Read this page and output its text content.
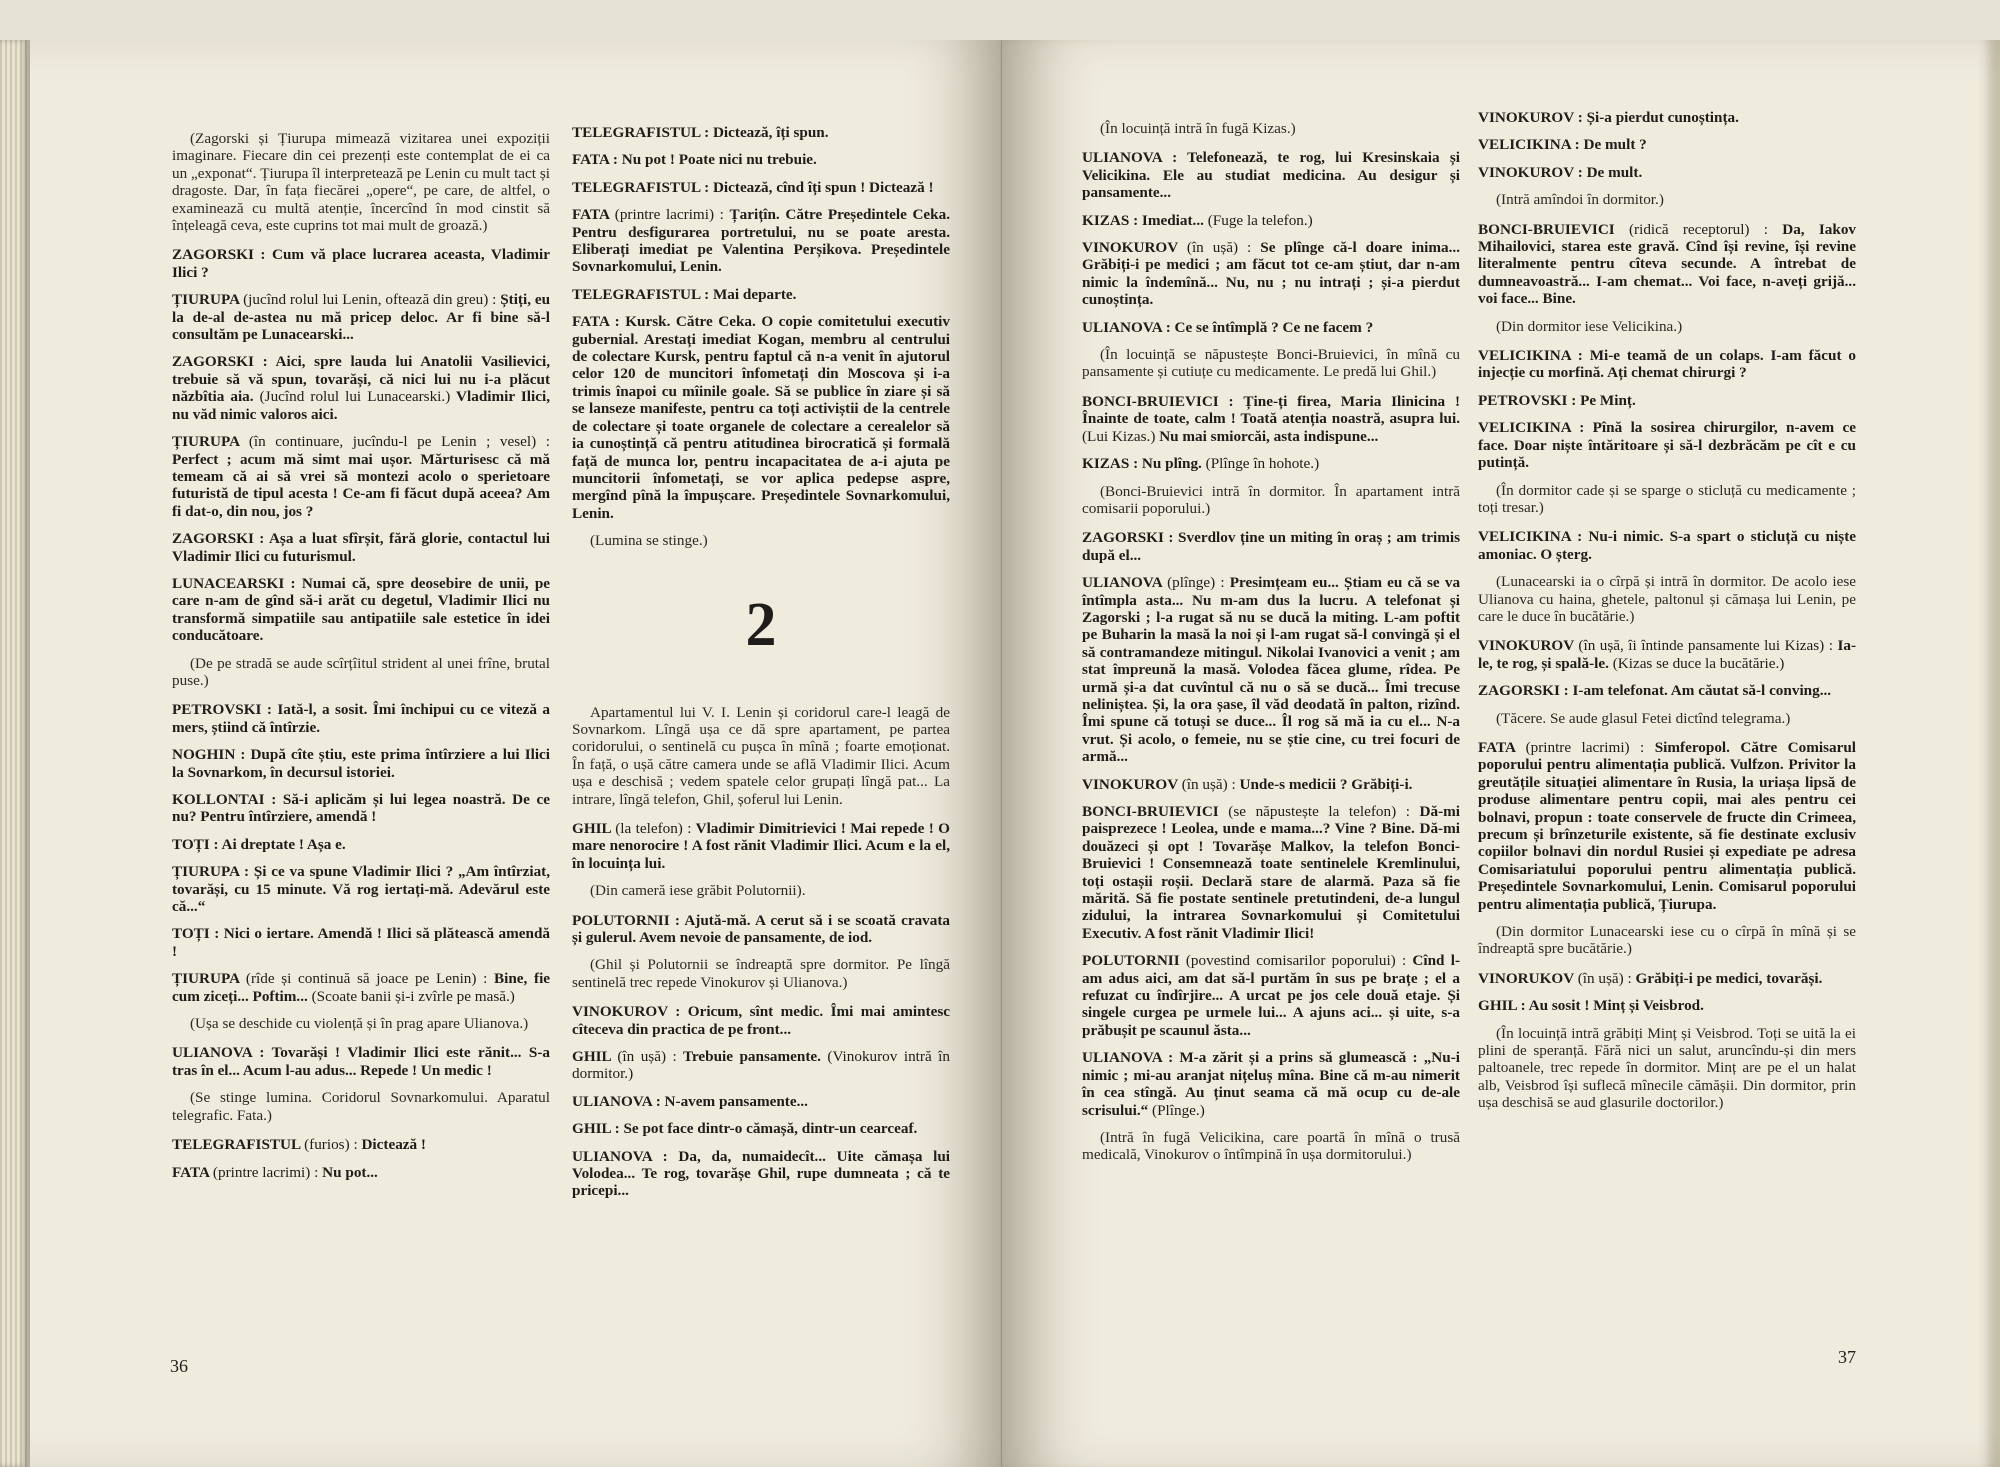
(Zagorski și Țiurupa mimează vizitarea unei expoziții imaginare. Fiecare din cei prezenți este contemplat de ei ca un „exponat“. Țiurupa îl interpretează pe Lenin cu mult tact și dragoste. Dar, în fața fiecărei „opere“, pe care, de altfel, o examinează cu multă atenție, încercînd în mod cinstit să înțeleagă ceva, este cuprins tot mai mult de groază.)
ZAGORSKI : Cum vă place lucrarea aceasta, Vladimir Ilici ?
ȚIURUPA (jucînd rolul lui Lenin, oftează din greu) : Știți, eu la de-al de-astea nu mă pricep deloc. Ar fi bine să-l consultăm pe Lunacearski...
ZAGORSKI : Aici, spre lauda lui Anatolii Vasilievici, trebuie să vă spun, tovarăși, că nici lui nu i-a plăcut năzbîtia aia. (Jucînd rolul lui Lunacearski.) Vladimir Ilici, nu văd nimic valoros aici.
ȚIURUPA (în continuare, jucîndu-l pe Lenin ; vesel) : Perfect ; acum mă simt mai ușor. Mărturisesc că mă temeam că ai să vrei să montezi acolo o sperietoare futuristă de tipul acesta ! Ce-am fi făcut după aceea? Am fi dat-o, din nou, jos ?
ZAGORSKI : Așa a luat sfîrșit, fără glorie, contactul lui Vladimir Ilici cu futurismul.
LUNACEARSKI : Numai că, spre deosebire de unii, pe care n-am de gînd să-i arăt cu degetul, Vladimir Ilici nu transformă simpatiile sau antipatiile sale estetice în idei conducătoare.
(De pe stradă se aude scîrțîitul strident al unei frîne, brutal puse.)
PETROVSKI : Iată-l, a sosit. Îmi închipui cu ce viteză a mers, știind că întîrzie.
NOGHIN : După cîte știu, este prima întîrziere a lui Ilici la Sovnarkom, în decursul istoriei.
KOLLONTAI : Să-i aplicăm și lui legea noastră. De ce nu? Pentru întîrziere, amendă !
TOȚI : Ai dreptate ! Așa e.
ȚIURUPA : Și ce va spune Vladimir Ilici ? „Am întîrziat, tovarăși, cu 15 minute. Vă rog iertați-mă. Adevărul este că...“
TOȚI : Nici o iertare. Amendă ! Ilici să plătească amendă !
ȚIURUPA (rîde și continuă să joace pe Lenin) : Bine, fie cum ziceți... Poftim... (Scoate banii și-i zvîrle pe masă.)
(Ușa se deschide cu violență și în prag apare Ulianova.)
ULIANOVA : Tovarăși ! Vladimir Ilici este rănit... S-a tras în el... Acum l-au adus... Repede ! Un medic !
(Se stinge lumina. Coridorul Sovnarkomului. Aparatul telegrafic. Fata.)
TELEGRAFISTUL (furios) : Dictează !
FATA (printre lacrimi) : Nu pot...
TELEGRAFISTUL : Dictează, îți spun.
FATA : Nu pot ! Poate nici nu trebuie.
TELEGRAFISTUL : Dictează, cînd îți spun ! Dictează !
FATA (printre lacrimi) : Țarițîn. Către Președintele Ceka. Pentru desfigurarea portretului, nu se poate aresta. Eliberați imediat pe Valentina Perșikova. Președintele Sovnarkomului, Lenin.
TELEGRAFISTUL : Mai departe.
FATA : Kursk. Către Ceka. O copie comitetului executiv gubernial. Arestați imediat Kogan, membru al centrului de colectare Kursk, pentru faptul că n-a venit în ajutorul celor 120 de muncitori înfometați din Moscova și i-a trimis înapoi cu mîinile goale. Să se publice în ziare și să se lanseze manifeste, pentru ca toți activiștii de la centrele de colectare și toate organele de colectare a cerealelor să ia cunoștință că pentru atitudinea birocratică și formală față de munca lor, pentru incapacitatea de a-i ajuta pe muncitorii înfometați, se vor aplica pedepse aspre, mergînd pînă la împușcare. Președintele Sovnarkomului, Lenin.
(Lumina se stinge.)
2
Apartamentul lui V. I. Lenin și coridorul care-l leagă de Sovnarkom. Lîngă ușa ce dă spre apartament, pe partea coridorului, o sentinelă cu pușca în mînă ; foarte emoționat. În față, o ușă către camera unde se află Vladimir Ilici. Acum ușa e deschisă ; vedem spatele celor grupați lîngă pat... La intrare, lîngă telefon, Ghil, șoferul lui Lenin.
GHIL (la telefon) : Vladimir Dimitrievici ! Mai repede ! O mare nenorocire ! A fost rănit Vladimir Ilici. Acum e la el, în locuința lui.
(Din cameră iese grăbit Polutornii).
POLUTORNII : Ajută-mă. A cerut să i se scoată cravata și gulerul. Avem nevoie de pansamente, de iod.
(Ghil și Polutornii se îndreaptă spre dormitor. Pe lîngă sentinelă trec repede Vinokurov și Ulianova.)
VINOKUROV : Oricum, sînt medic. Îmi mai amintesc cîteceva din practica de pe front...
GHIL (în ușă) : Trebuie pansamente. (Vinokurov intră în dormitor.)
ULIANOVA : N-avem pansamente...
GHIL : Se pot face dintr-o cămașă, dintr-un cearceaf.
ULIANOVA : Da, da, numaidecît... Uite cămașa lui Volodea... Te rog, tovarășe Ghil, rupe dumneata ; că te pricepi...
36
(În locuință intră în fugă Kizas.)
ULIANOVA : Telefonează, te rog, lui Kresinskaia și Velicikina. Ele au studiat medicina. Au desigur și pansamente...
KIZAS : Imediat... (Fuge la telefon.)
VINOKUROV (în ușă) : Se plînge că-l doare inima... Grăbiți-i pe medici ; am făcut tot ce-am știut, dar n-am nimic la îndemînă... Nu, nu ; nu intrați ; și-a pierdut cunoștința.
ULIANOVA : Ce se întîmplă ? Ce ne facem ?
(În locuință se năpustește Bonci-Bruievici, în mînă cu pansamente și cutiuțe cu medicamente. Le predă lui Ghil.)
BONCI-BRUIEVICI : Ține-ți firea, Maria Ilinicina ! Înainte de toate, calm ! Toată atenția noastră, asupra lui. (Lui Kizas.) Nu mai smiorcăi, asta indispune...
KIZAS : Nu plîng. (Plînge în hohote.)
(Bonci-Bruievici intră în dormitor. În apartament intră comisarii poporului.)
ZAGORSKI : Sverdlov ține un miting în oraș ; am trimis după el...
ULIANOVA (plînge) : Presimțeam eu... Știam eu că se va întîmpla asta... Nu m-am dus la lucru. A telefonat și Zagorski ; l-a rugat să nu se ducă la miting. L-am poftit pe Buharin la masă la noi și l-am rugat să-l convingă și el să contramandeze mitingul. Nikolai Ivanovici a venit ; am stat împreună la masă. Volodea făcea glume, rîdea. Pe urmă și-a dat cuvîntul că nu o să se ducă... Îmi trecuse neliniștea. Și, la ora șase, îl văd deodată în palton, rizînd. Îmi spune că totuși se duce... Îl rog să mă ia cu el... N-a vrut. Și acolo, o femeie, nu se știe cine, cu trei focuri de armă...
VINOKUROV (în ușă) : Unde-s medicii ? Grăbiți-i.
BONCI-BRUIEVICI (se năpustește la telefon) : Dă-mi paisprezece ! Leolea, unde e mama...? Vine ? Bine. Dă-mi douăzeci și opt ! Tovarășe Malkov, la telefon Bonci-Bruievici ! Consemnează toate sentinelele Kremlinului, toți ostașii roșii. Declară stare de alarmă. Paza să fie mărită. Să fie postate sentinele pretutindeni, de-a lungul zidului, la intrarea Sovnarkomului și Comitetului Executiv. A fost rănit Vladimir Ilici!
POLUTORNII (povestind comisarilor poporului) : Cînd l-am adus aici, am dat să-l purtăm în sus pe brațe ; el a refuzat cu îndîrjire... A urcat pe jos cele două etaje. Și singele curgea pe urmele lui... A ajuns aci... și uite, s-a prăbușit pe scaunul ăsta...
ULIANOVA : M-a zărit și a prins să glumească : „Nu-i nimic ; mi-au aranjat nițeluș mîna. Bine că m-au nimerit în cea stîngă. Au ținut seama că mă ocup cu de-ale scrisului.“ (Plînge.)
(Intră în fugă Velicikina, care poartă în mînă o trusă medicală, Vinokurov o întîmpină în ușa dormitorului.)
VINOKUROV : Și-a pierdut cunoștința.
VELICIKINA : De mult ?
VINOKUROV : De mult.
(Intră amîndoi în dormitor.)
BONCI-BRUIEVICI (ridică receptorul) : Da, Iakov Mihailovici, starea este gravă. Cînd își revine, își revine literalmente pentru cîteva secunde. A întrebat de dumneavoastră... I-am chemat... Voi face, n-aveți grijă... voi face... Bine.
(Din dormitor iese Velicikina.)
VELICIKINA : Mi-e teamă de un colaps. I-am făcut o injecție cu morfină. Ați chemat chirurgi ?
PETROVSKI : Pe Minț.
VELICIKINA : Pînă la sosirea chirurgilor, n-avem ce face. Doar niște întăritoare și să-l dezbrăcăm pe cît e cu putință.
(În dormitor cade și se sparge o sticluță cu medicamente ; toți tresar.)
VELICIKINA : Nu-i nimic. S-a spart o sticluță cu niște amoniac. O șterg.
(Lunacearski ia o cîrpă și intră în dormitor. De acolo iese Ulianova cu haina, ghetele, paltonul și cămașa lui Lenin, pe care le duce în bucătărie.)
VINOKUROV (în ușă, îi întinde pansamente lui Kizas) : Ia-le, te rog, și spală-le. (Kizas se duce la bucătărie.)
ZAGORSKI : I-am telefonat. Am căutat să-l conving...
(Tăcere. Se aude glasul Fetei dictînd telegrama.)
FATA (printre lacrimi) : Simferopol. Către Comisarul poporului pentru alimentația publică. Vulfzon. Privitor la greutățile situației alimentare în Rusia, la uriașa lipsă de produse alimentare pentru copii, mai ales pentru cei bolnavi, propun : toate conservele de fructe din Crimeea, precum și brînzeturile existente, să fie destinate exclusiv copiilor bolnavi din nordul Rusiei și expediate pe adresa Comisariatului poporului pentru alimentația publică. Președintele Sovnarkomului, Lenin. Comisarul poporului pentru alimentația publică, Țiurupa.
(Din dormitor Lunacearski iese cu o cîrpă în mînă și se îndreaptă spre bucătărie.)
VINORUKOV (în ușă) : Grăbiți-i pe medici, tovarăși.
GHIL : Au sosit ! Minț și Veisbrod.
(În locuință intră grăbiți Minț și Veisbrod. Toți se uită la ei plini de speranță. Fără nici un salut, aruncîndu-și din mers paltoanele, trec repede în dormitor. Minț are pe el un halat alb, Veisbrod își suflecă mînecile cămășii. Din dormitor, prin ușa deschisă se aud glasurile doctorilor.)
37
